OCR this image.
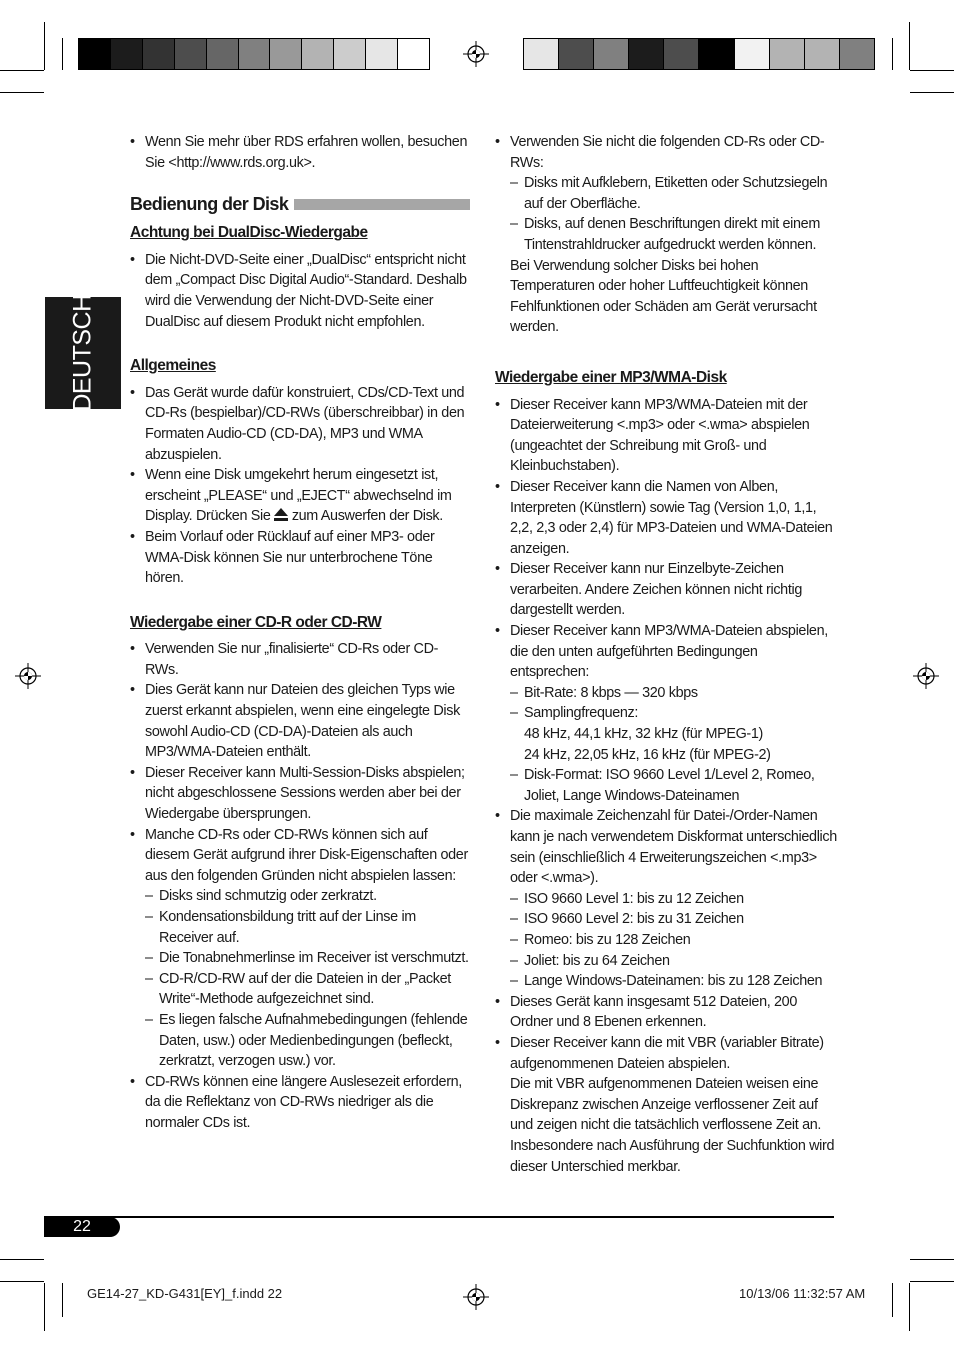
DEUTSCH
• Wenn Sie mehr über RDS erfahren wollen, besuchen Sie <http://www.rds.org.uk>.
Bedienung der Disk
Achtung bei DualDisc-Wiedergabe
• Die Nicht-DVD-Seite einer „DualDisc“ entspricht nicht dem „Compact Disc Digital Audio“-Standard. Deshalb wird die Verwendung der Nicht-DVD-Seite einer DualDisc auf diesem Produkt nicht empfohlen.
Allgemeines
• Das Gerät wurde dafür konstruiert, CDs/CD-Text und CD-Rs (bespielbar)/CD-RWs (überschreibbar) in den Formaten Audio-CD (CD-DA), MP3 und WMA abzuspielen.
• Wenn eine Disk umgekehrt herum eingesetzt ist, erscheint „PLEASE“ und „EJECT“ abwechselnd im Display. Drücken Sie zum Auswerfen der Disk.
• Beim Vorlauf oder Rücklauf auf einer MP3- oder WMA-Disk können Sie nur unterbrochene Töne hören.
Wiedergabe einer CD-R oder CD-RW
• Verwenden Sie nur „finalisierte“ CD-Rs oder CD-RWs.
• Dies Gerät kann nur Dateien des gleichen Typs wie zuerst erkannt abspielen, wenn eine eingelegte Disk sowohl Audio-CD (CD-DA)-Dateien als auch MP3/WMA-Dateien enthält.
• Dieser Receiver kann Multi-Session-Disks abspielen; nicht abgeschlossene Sessions werden aber bei der Wiedergabe übersprungen.
• Manche CD-Rs oder CD-RWs können sich auf diesem Gerät aufgrund ihrer Disk-Eigenschaften oder aus den folgenden Gründen nicht abspielen lassen:
– Disks sind schmutzig oder zerkratzt.
– Kondensationsbildung tritt auf der Linse im Receiver auf.
– Die Tonabnehmerlinse im Receiver ist verschmutzt.
– CD-R/CD-RW auf der die Dateien in der „Packet Write“-Methode aufgezeichnet sind.
– Es liegen falsche Aufnahmebedingungen (fehlende Daten, usw.) oder Medienbedingungen (befleckt, zerkratzt, verzogen usw.) vor.
• CD-RWs können eine längere Auslesezeit erfordern, da die Reflektanz von CD-RWs niedriger als die normaler CDs ist.
• Verwenden Sie nicht die folgenden CD-Rs oder CD-RWs:
– Disks mit Aufklebern, Etiketten oder Schutzsiegeln auf der Oberfläche.
– Disks, auf denen Beschriftungen direkt mit einem Tintenstrahldrucker aufgedruckt werden können.
Bei Verwendung solcher Disks bei hohen Temperaturen oder hoher Luftfeuchtigkeit können Fehlfunktionen oder Schäden am Gerät verursacht werden.
Wiedergabe einer MP3/WMA-Disk
• Dieser Receiver kann MP3/WMA-Dateien mit der Dateierweiterung <.mp3> oder <.wma> abspielen (ungeachtet der Schreibung mit Groß- und Kleinbuchstaben).
• Dieser Receiver kann die Namen von Alben, Interpreten (Künstlern) sowie Tag (Version 1,0, 1,1, 2,2, 2,3 oder 2,4) für MP3-Dateien und WMA-Dateien anzeigen.
• Dieser Receiver kann nur Einzelbyte-Zeichen verarbeiten. Andere Zeichen können nicht richtig dargestellt werden.
• Dieser Receiver kann MP3/WMA-Dateien abspielen, die den unten aufgeführten Bedingungen entsprechen:
– Bit-Rate: 8 kbps — 320 kbps
– Samplingfrequenz:
48 kHz, 44,1 kHz, 32 kHz (für MPEG-1)
24 kHz, 22,05 kHz, 16 kHz (für MPEG-2)
– Disk-Format: ISO 9660 Level 1/Level 2, Romeo, Joliet, Lange Windows-Dateinamen
• Die maximale Zeichenzahl für Datei-/Order-Namen kann je nach verwendetem Diskformat unterschiedlich sein (einschließlich 4 Erweiterungszeichen <.mp3> oder <.wma>).
– ISO 9660 Level 1: bis zu 12 Zeichen
– ISO 9660 Level 2: bis zu 31 Zeichen
– Romeo: bis zu 128 Zeichen
– Joliet: bis zu 64 Zeichen
– Lange Windows-Dateinamen: bis zu 128 Zeichen
• Dieses Gerät kann insgesamt 512 Dateien, 200 Ordner und 8 Ebenen erkennen.
• Dieser Receiver kann die mit VBR (variabler Bitrate) aufgenommenen Dateien abspielen.
Die mit VBR aufgenommenen Dateien weisen eine Diskrepanz zwischen Anzeige verflossener Zeit auf und zeigen nicht die tatsächlich verflossene Zeit an. Insbesondere nach Ausführung der Suchfunktion wird dieser Unterschied merkbar.
22
GE14-27_KD-G431[EY]_f.indd 22	10/13/06 11:32:57 AM
